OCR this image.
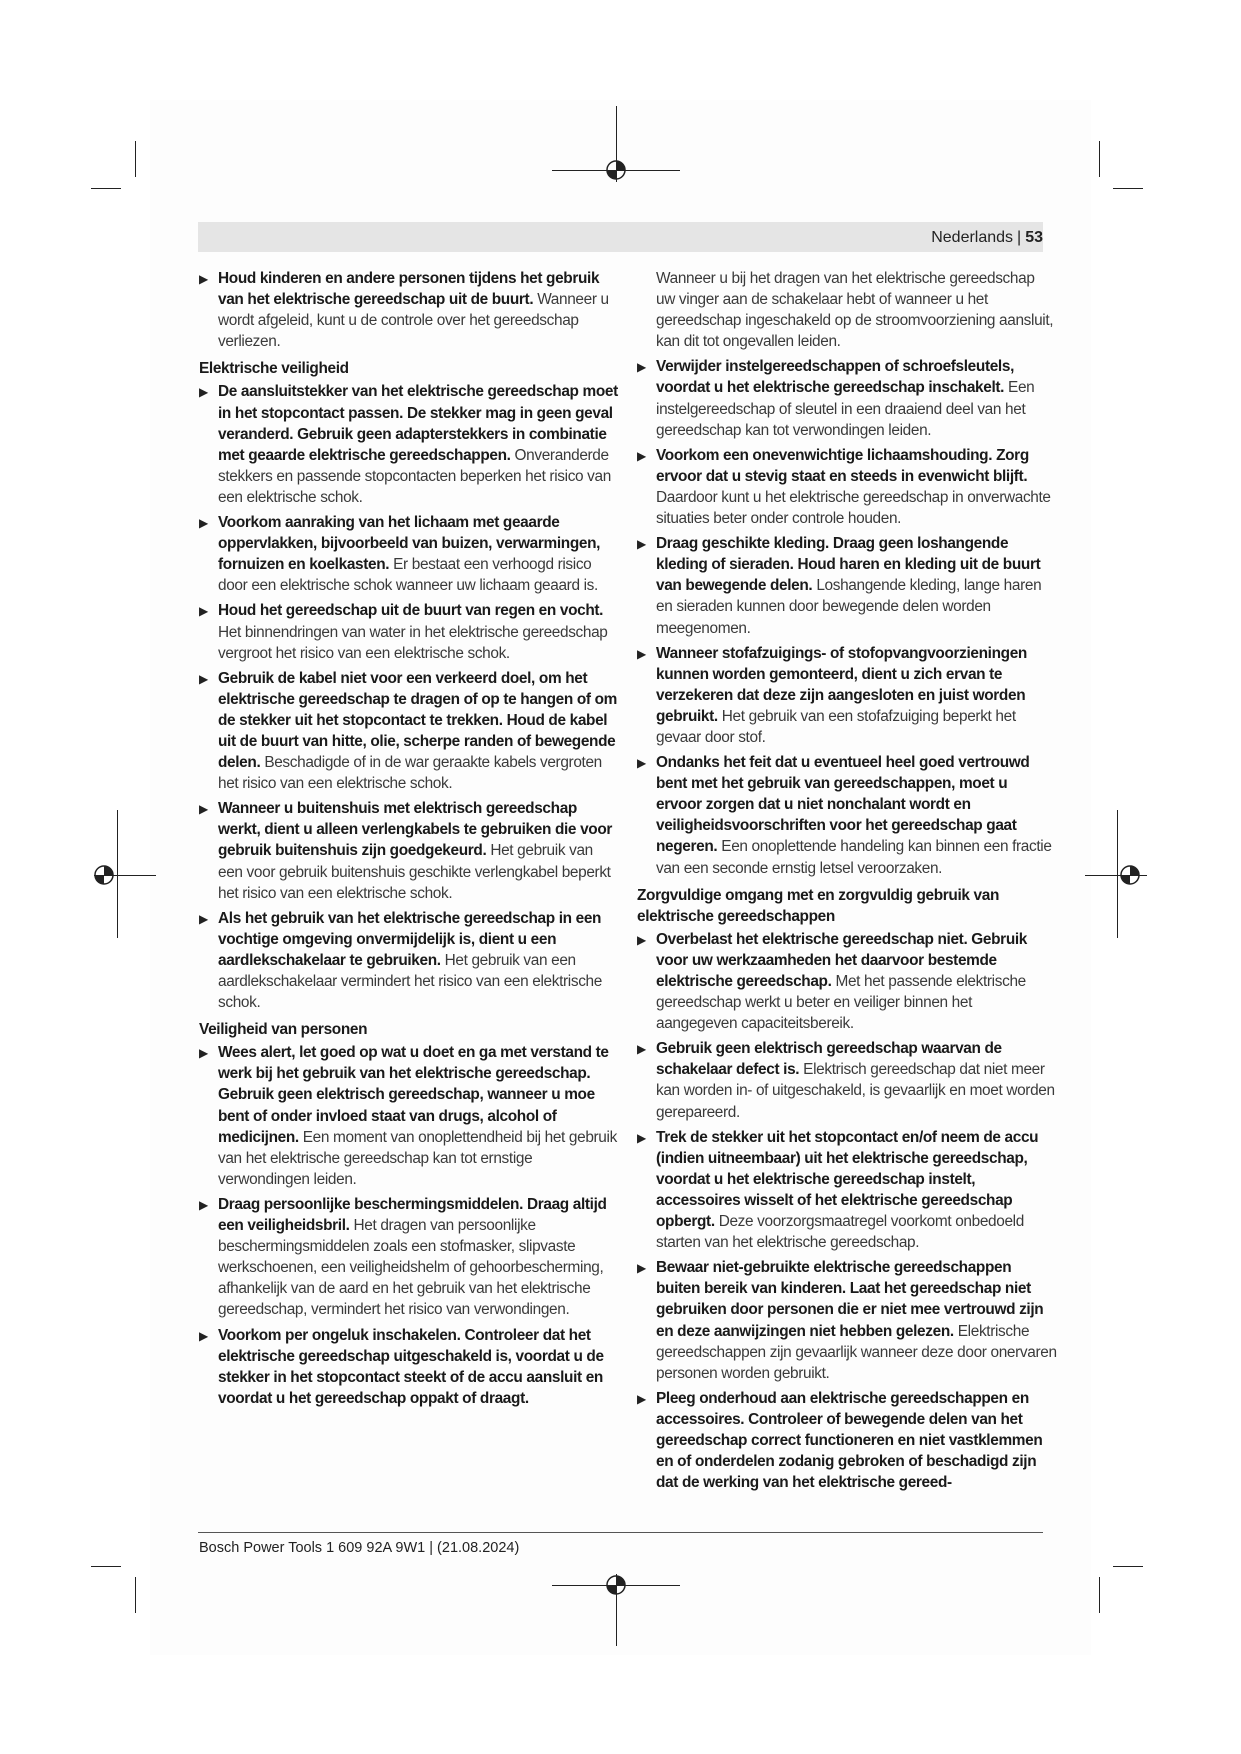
Nederlands | 53
▶ Houd kinderen en andere personen tijdens het gebruik van het elektrische gereedschap uit de buurt. Wanneer u wordt afgeleid, kunt u de controle over het gereedschap verliezen.
Elektrische veiligheid
▶ De aansluitstekker van het elektrische gereedschap moet in het stopcontact passen. De stekker mag in geen geval veranderd. Gebruik geen adapterstekkers in combinatie met geaarde elektrische gereedschappen. Onveranderde stekkers en passende stopcontacten beperken het risico van een elektrische schok.
▶ Voorkom aanraking van het lichaam met geaarde oppervlakken, bijvoorbeeld van buizen, verwarmingen, fornuizen en koelkasten. Er bestaat een verhoogd risico door een elektrische schok wanneer uw lichaam geaard is.
▶ Houd het gereedschap uit de buurt van regen en vocht. Het binnendringen van water in het elektrische gereedschap vergroot het risico van een elektrische schok.
▶ Gebruik de kabel niet voor een verkeerd doel, om het elektrische gereedschap te dragen of op te hangen of om de stekker uit het stopcontact te trekken. Houd de kabel uit de buurt van hitte, olie, scherpe randen of bewegende delen. Beschadigde of in de war geraakte kabels vergroten het risico van een elektrische schok.
▶ Wanneer u buitenshuis met elektrisch gereedschap werkt, dient u alleen verlengkabels te gebruiken die voor gebruik buitenshuis zijn goedgekeurd. Het gebruik van een voor gebruik buitenshuis geschikte verlengkabel beperkt het risico van een elektrische schok.
▶ Als het gebruik van het elektrische gereedschap in een vochtige omgeving onvermijdelijk is, dient u een aardlekschakelaar te gebruiken. Het gebruik van een aardlekschakelaar vermindert het risico van een elektrische schok.
Veiligheid van personen
▶ Wees alert, let goed op wat u doet en ga met verstand te werk bij het gebruik van het elektrische gereedschap. Gebruik geen elektrisch gereedschap, wanneer u moe bent of onder invloed staat van drugs, alcohol of medicijnen. Een moment van onoplettendheid bij het gebruik van het elektrische gereedschap kan tot ernstige verwondingen leiden.
▶ Draag persoonlijke beschermingsmiddelen. Draag altijd een veiligheidsbril. Het dragen van persoonlijke beschermingsmiddelen zoals een stofmasker, slipvaste werkschoenen, een veiligheidshelm of gehoorbescherming, afhankelijk van de aard en het gebruik van het elektrische gereedschap, vermindert het risico van verwondingen.
▶ Voorkom per ongeluk inschakelen. Controleer dat het elektrische gereedschap uitgeschakeld is, voordat u de stekker in het stopcontact steekt of de accu aansluit en voordat u het gereedschap oppakt of draagt.
Wanneer u bij het dragen van het elektrische gereedschap uw vinger aan de schakelaar hebt of wanneer u het gereedschap ingeschakeld op de stroomvoorziening aansluit, kan dit tot ongevallen leiden.
▶ Verwijder instelgereedschappen of schroefsleutels, voordat u het elektrische gereedschap inschakelt. Een instelgereedschap of sleutel in een draaiend deel van het gereedschap kan tot verwondingen leiden.
▶ Voorkom een onevenwichtige lichaamshouding. Zorg ervoor dat u stevig staat en steeds in evenwicht blijft. Daardoor kunt u het elektrische gereedschap in onverwachte situaties beter onder controle houden.
▶ Draag geschikte kleding. Draag geen loshangende kleding of sieraden. Houd haren en kleding uit de buurt van bewegende delen. Loshangende kleding, lange haren en sieraden kunnen door bewegende delen worden meegenomen.
▶ Wanneer stofafzuigings- of stofopvangvoorzieningen kunnen worden gemonteerd, dient u zich ervan te verzekeren dat deze zijn aangesloten en juist worden gebruikt. Het gebruik van een stofafzuiging beperkt het gevaar door stof.
▶ Ondanks het feit dat u eventueel heel goed vertrouwd bent met het gebruik van gereedschappen, moet u ervoor zorgen dat u niet nonchalant wordt en veiligheidsvoorschriften voor het gereedschap gaat negeren. Een onoplettende handeling kan binnen een fractie van een seconde ernstig letsel veroorzaken.
Zorgvuldige omgang met en zorgvuldig gebruik van elektrische gereedschappen
▶ Overbelast het elektrische gereedschap niet. Gebruik voor uw werkzaamheden het daarvoor bestemde elektrische gereedschap. Met het passende elektrische gereedschap werkt u beter en veiliger binnen het aangegeven capaciteitsbereik.
▶ Gebruik geen elektrisch gereedschap waarvan de schakelaar defect is. Elektrisch gereedschap dat niet meer kan worden in- of uitgeschakeld, is gevaarlijk en moet worden gerepareerd.
▶ Trek de stekker uit het stopcontact en/of neem de accu (indien uitneembaar) uit het elektrische gereedschap, voordat u het elektrische gereedschap instelt, accessoires wisselt of het elektrische gereedschap opbergt. Deze voorzorgsmaatregel voorkomt onbedoeld starten van het elektrische gereedschap.
▶ Bewaar niet-gebruikte elektrische gereedschappen buiten bereik van kinderen. Laat het gereedschap niet gebruiken door personen die er niet mee vertrouwd zijn en deze aanwijzingen niet hebben gelezen. Elektrische gereedschappen zijn gevaarlijk wanneer deze door onervaren personen worden gebruikt.
▶ Pleeg onderhoud aan elektrische gereedschappen en accessoires. Controleer of bewegende delen van het gereedschap correct functioneren en niet vastklemmen en of onderdelen zodanig gebroken of beschadigd zijn dat de werking van het elektrische gereed-
Bosch Power Tools 1 609 92A 9W1 | (21.08.2024)
